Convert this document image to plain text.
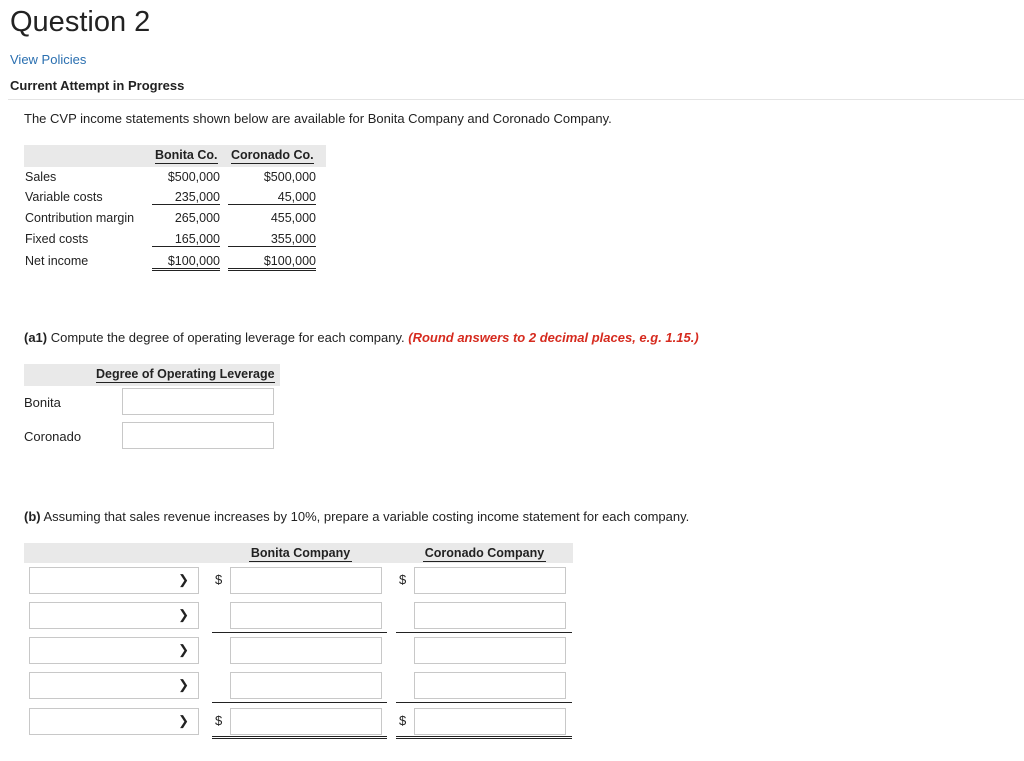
Question 2
View Policies
Current Attempt in Progress
The CVP income statements shown below are available for Bonita Company and Coronado Company.
Bonita Co. Coronado Co.
Sales	$500,000	$500,000
Variable costs	235,000	45,000
Contribution margin	265,000	455,000
Fixed costs	165,000	355,000
Net income	$100,000	$100,000
(a1) Compute the degree of operating leverage for each company. (Round answers to 2 decimal places, e.g. 1.15.)
Degree of Operating Leverage
Bonita
Coronado
(b) Assuming that sales revenue increases by 10%, prepare a variable costing income statement for each company.
Bonita Company	Coronado Company
❯ $	$
❯
❯
❯
❯ $	$
